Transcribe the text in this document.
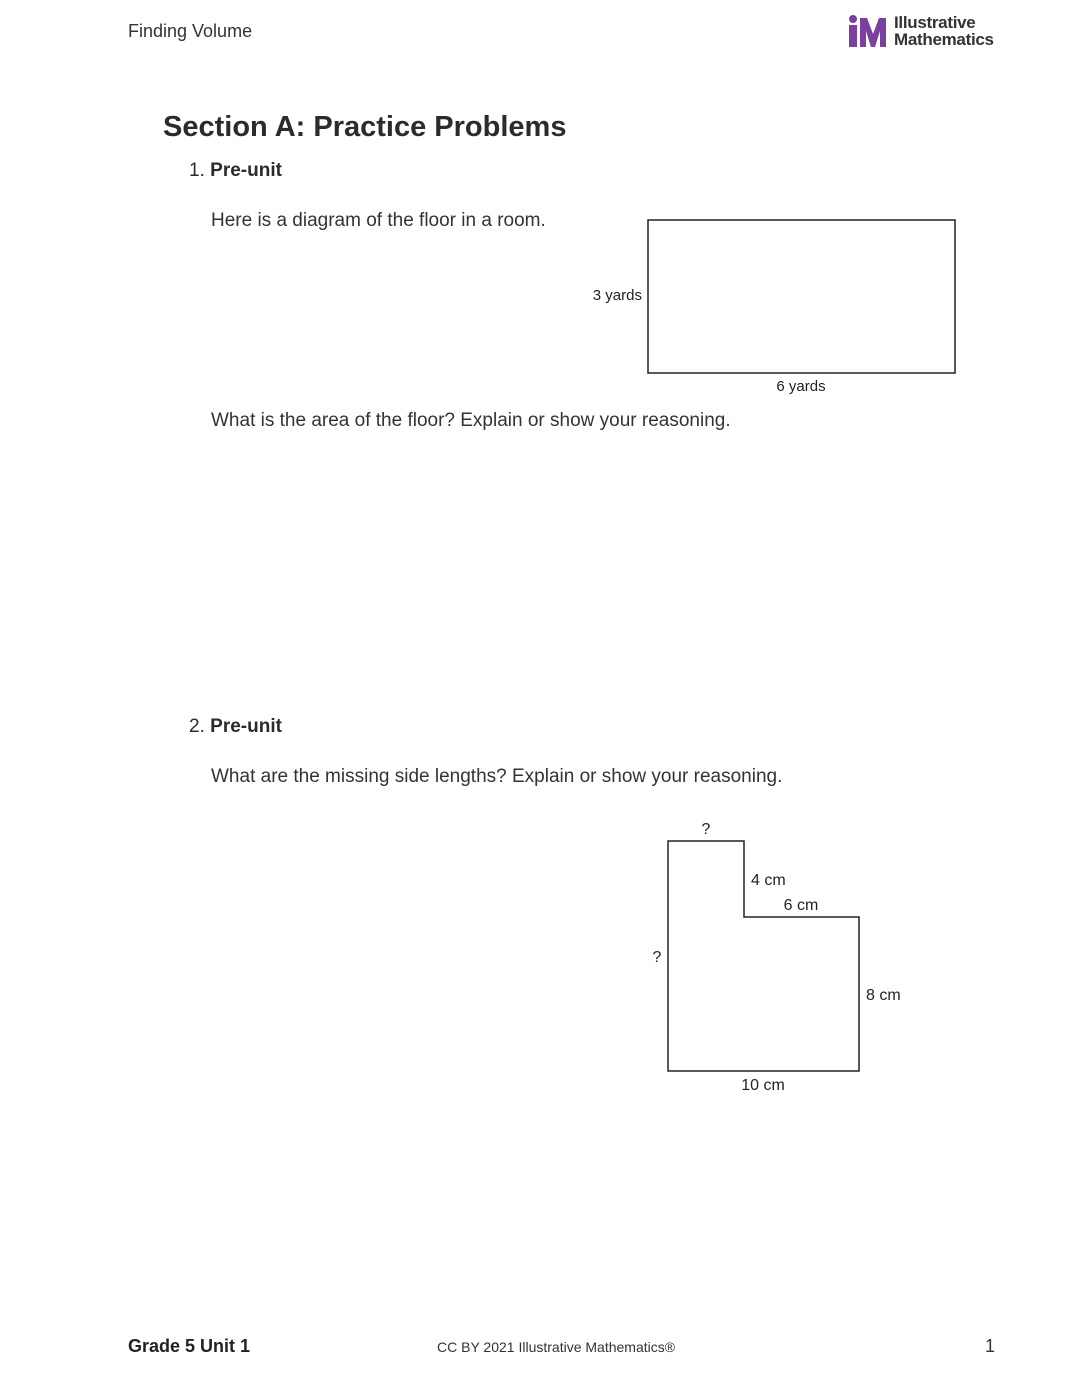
Finding Volume	Illustrative
Mathematics
Section A: Practice Problems
1. Pre-unit
Here is a diagram of the floor in a room.
3 yards
6 yards
What is the area of the floor? Explain or show your reasoning.
2. Pre-unit
What are the missing side lengths? Explain or show your reasoning.
?
?
4 cm
6 cm
8 cm
10 cm
Grade 5 Unit 1	CC BY 2021 Illustrative Mathematics®	1
